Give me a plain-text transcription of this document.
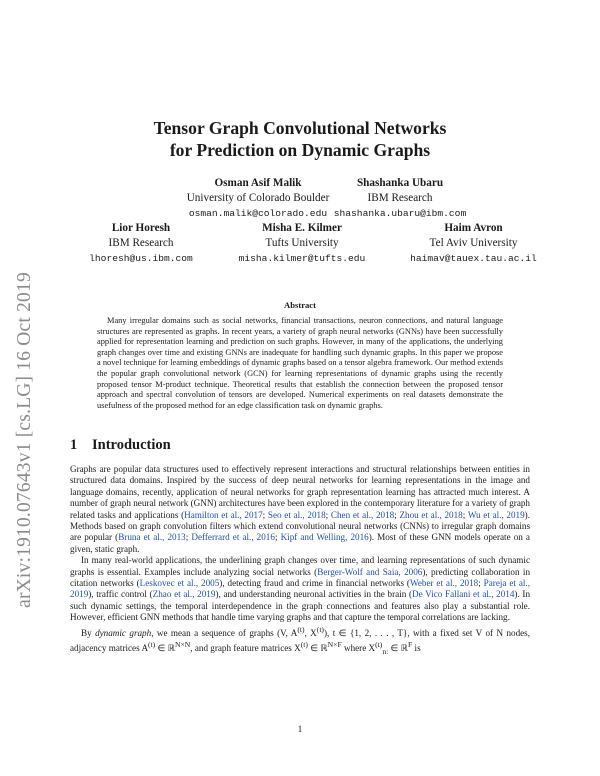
arXiv:1910.07643v1 [cs.LG] 16 Oct 2019
Tensor Graph Convolutional Networks
for Prediction on Dynamic Graphs
Osman Asif Malik
University of Colorado Boulder
osman.malik@colorado.edu
Shashanka Ubaru
IBM Research
shashanka.ubaru@ibm.com
Lior Horesh
IBM Research
lhoresh@us.ibm.com
Misha E. Kilmer
Tufts University
misha.kilmer@tufts.edu
Haim Avron
Tel Aviv University
haimav@tauex.tau.ac.il
Abstract
Many irregular domains such as social networks, financial transactions, neuron connections, and natural language structures are represented as graphs. In recent years, a variety of graph neural networks (GNNs) have been successfully applied for representation learning and prediction on such graphs. However, in many of the applications, the underlying graph changes over time and existing GNNs are inadequate for handling such dynamic graphs. In this paper we propose a novel technique for learning embeddings of dynamic graphs based on a tensor algebra framework. Our method extends the popular graph convolutional network (GCN) for learning representations of dynamic graphs using the recently proposed tensor M-product technique. Theoretical results that establish the connection between the proposed tensor approach and spectral convolution of tensors are developed. Numerical experiments on real datasets demonstrate the usefulness of the proposed method for an edge classification task on dynamic graphs.
1 Introduction

Graphs are popular data structures used to effectively represent interactions and structural relationships between entities in structured data domains. Inspired by the success of deep neural networks for learning representations in the image and language domains, recently, application of neural networks for graph representation learning has attracted much interest. A number of graph neural network (GNN) architectures have been explored in the contemporary literature for a variety of graph related tasks and applications (Hamilton et al., 2017; Seo et al., 2018; Chen et al., 2018; Zhou et al., 2018; Wu et al., 2019). Methods based on graph convolution filters which extend convolutional neural networks (CNNs) to irregular graph domains are popular (Bruna et al., 2013; Defferrard et al., 2016; Kipf and Welling, 2016). Most of these GNN models operate on a given, static graph.

In many real-world applications, the underlining graph changes over time, and learning representations of such dynamic graphs is essential. Examples include analyzing social networks (Berger-Wolf and Saia, 2006), predicting collaboration in citation networks (Leskovec et al., 2005), detecting fraud and crime in financial networks (Weber et al., 2018; Pareja et al., 2019), traffic control (Zhao et al., 2019), and understanding neuronal activities in the brain (De Vico Fallani et al., 2014). In such dynamic settings, the temporal interdependence in the graph connections and features also play a substantial role. However, efficient GNN methods that handle time varying graphs and that capture the temporal correlations are lacking.

By dynamic graph, we mean a sequence of graphs (V, $A^{(t)}$, $X^{(t)}$), t ∈ {1, 2, . . . , T}, with a fixed set V of N nodes, adjacency matrices $A^{(t)}$ ∈ ℝ$^{N\times N}$, and graph feature matrices $X^{(t)}$ ∈ ℝ$^{N\times F}$ where $X^{(t)}_{n:}$ ∈ ℝ$^F$ is

1
